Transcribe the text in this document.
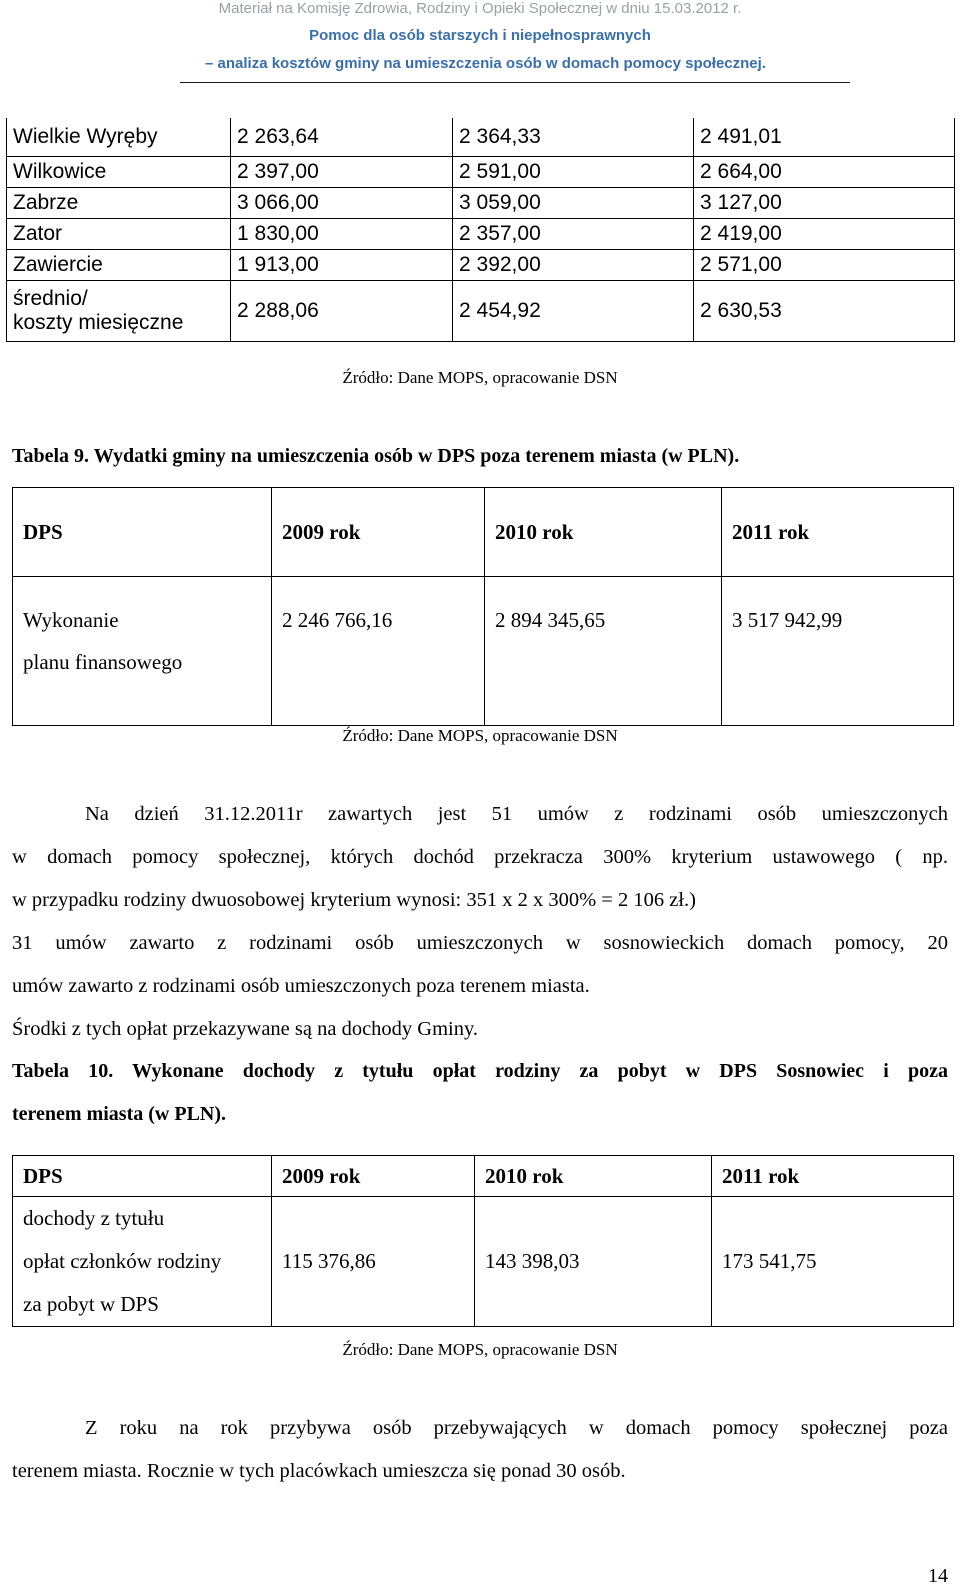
Materiał na Komisję Zdrowia, Rodziny i Opieki Społecznej w dniu 15.03.2012 r.
Pomoc dla osób starszych i niepełnosprawnych
– analiza kosztów gminy na umieszczenia osób w domach pomocy społecznej.
Wielkie Wyręby	2 263,64	2 364,33	2 491,01
Wilkowice	2 397,00	2 591,00	2 664,00
Zabrze	3 066,00	3 059,00	3 127,00
Zator	1 830,00	2 357,00	2 419,00
Zawiercie	1 913,00	2 392,00	2 571,00

średnio/
koszty miesięczne	2 288,06	2 454,92	2 630,53
Źródło: Dane MOPS, opracowanie DSN
Tabela 9. Wydatki gminy na umieszczenia osób w DPS poza terenem miasta (w PLN).
DPS	2009 rok	2010 rok	2011 rok

Wykonanie
planu finansowego	2 246 766,16	2 894 345,65	3 517 942,99
Źródło: Dane MOPS, opracowanie DSN
Na dzień 31.12.2011r zawartych jest 51 umów z rodzinami osób umieszczonych
w domach pomocy społecznej, których dochód przekracza 300% kryterium ustawowego ( np.
w przypadku rodziny dwuosobowej kryterium wynosi: 351 x 2 x 300% = 2 106 zł.)
31 umów zawarto z rodzinami osób umieszczonych w sosnowieckich domach pomocy, 20
umów zawarto z rodzinami osób umieszczonych poza terenem miasta.
Środki z tych opłat przekazywane są na dochody Gminy.
Tabela 10. Wykonane dochody z tytułu opłat rodziny za pobyt w DPS Sosnowiec i poza
terenem miasta (w PLN).
DPS	2009 rok	2010 rok	2011 rok

dochody z tytułu
opłat członków rodziny
za pobyt w DPS	115 376,86	143 398,03	173 541,75
Źródło: Dane MOPS, opracowanie DSN
Z roku na rok przybywa osób przebywających w domach pomocy społecznej poza
terenem miasta. Rocznie w tych placówkach umieszcza się ponad 30 osób.
14
